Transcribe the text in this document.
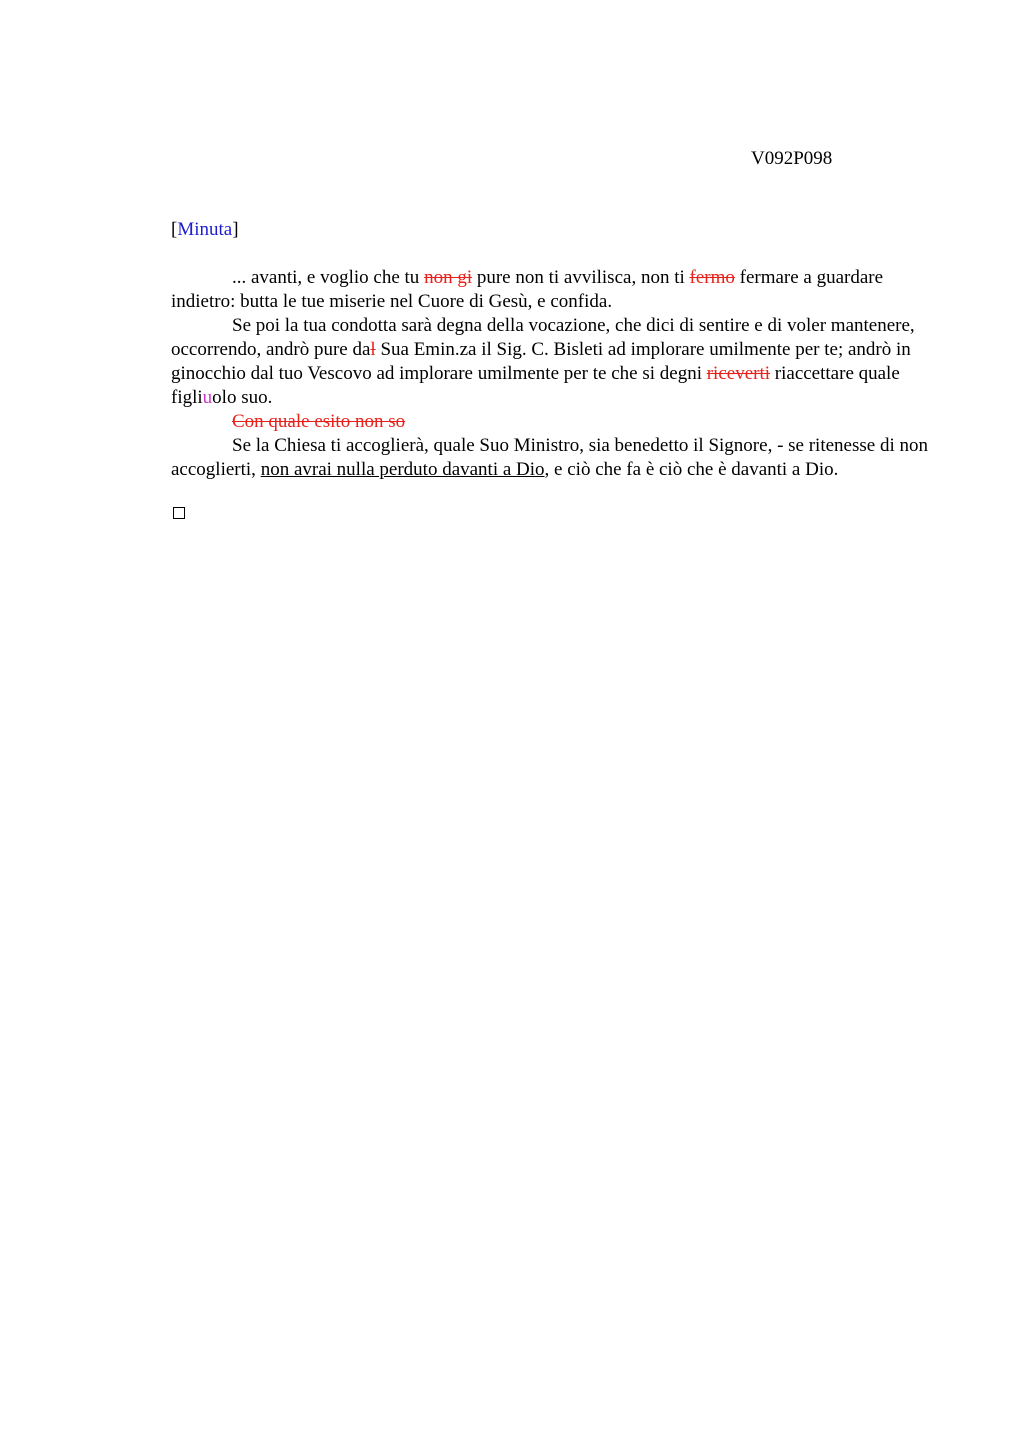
V092P098
[Minuta]

... avanti, e voglio che tu non gi pure non ti avvilisca, non ti fermo fermare a guardare indietro: butta le tue miserie nel Cuore di Gesù, e confida.

Se poi la tua condotta sarà degna della vocazione, che dici di sentire e di voler mantenere, occorrendo, andrò pure dal Sua Emin.za il Sig. C. Bisleti ad implorare umilmente per te; andrò in ginocchio dal tuo Vescovo ad implorare umilmente per te che si degni riceverti riaccettare quale figliuolo suo.

Con quale esito non so

Se la Chiesa ti accoglierà, quale Suo Ministro, sia benedetto il Signore, - se ritenesse di non accoglierti, non avrai nulla perduto davanti a Dio, e ciò che fa è ciò che è davanti a Dio.
